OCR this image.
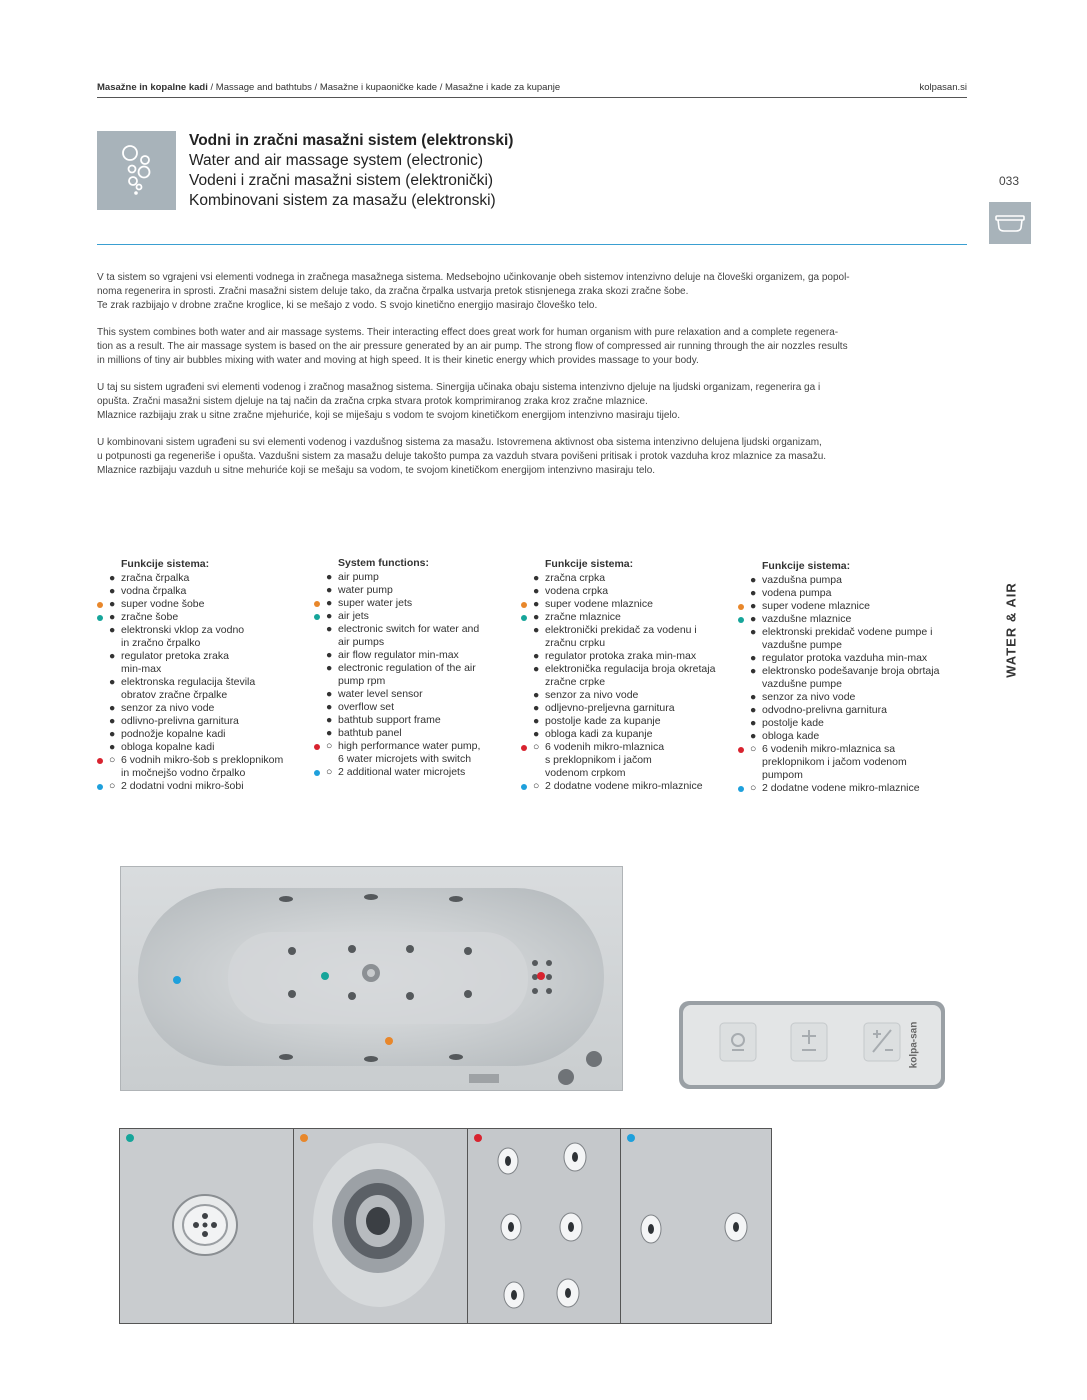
Masažne in kopalne kadi / Massage and bathtubs / Masažne i kupaoničke kade / Masažne i kade za kupanje	kolpasan.si
Vodni in zračni masažni sistem (elektronski)
Water and air massage system (electronic)
Vodeni i zračni masažni sistem (elektronički)
Kombinovani sistem za masažu (elektronski)
033
WATER & AIR

V ta sistem so vgrajeni vsi elementi vodnega in zračnega masažnega sistema. Medsebojno učinkovanje obeh sistemov intenzivno deluje na človeški organizem, ga popol-

noma regenerira in sprosti. Zračni masažni sistem deluje tako, da zračna črpalka ustvarja pretok stisnjenega zraka skozi zračne šobe.

Te zrak razbijajo v drobne zračne kroglice, ki se mešajo z vodo. S svojo kinetično energijo masirajo človeško telo.

This system combines both water and air massage systems. Their interacting effect does great work for human organism with pure relaxation and a complete regenera-

tion as a result. The air massage system is based on the air pressure generated by an air pump. The strong flow of compressed air running through the air nozzles results

in millions of tiny air bubbles mixing with water and moving at high speed. It is their kinetic energy which provides massage to your body.

U taj su sistem ugrađeni svi elementi vodenog i zračnog masažnog sistema. Sinergija učinaka obaju sistema intenzivno djeluje na ljudski organizam, regenerira ga i

opušta. Zračni masažni sistem djeluje na taj način da zračna crpka stvara protok komprimiranog zraka kroz zračne mlaznice.

Mlaznice razbijaju zrak u sitne zračne mjehuriće, koji se miješaju s vodom te svojom kinetičkom energijom intenzivno masiraju tijelo.

U kombinovani sistem ugrađeni su svi elementi vodenog i vazdušnog sistema za masažu. Istovremena aktivnost oba sistema intenzivno delujena ljudski organizam,

u potpunosti ga regeneriše i opušta. Vazdušni sistem za masažu deluje takošto pumpa za vazduh stvara povišeni pritisak i protok vazduha kroz mlaznice za masažu.

Mlaznice razbijaju vazduh u sitne mehuriće koji se mešaju sa vodom, te svojom kinetičkom energijom intenzivno masiraju telo.

Funkcije sistema:
● zračna črpalka
● vodna črpalka
● super vodne šobe
● zračne šobe
● elektronski vklop za vodno
in zračno črpalko
● regulator pretoka zraka
min-max
● elektronska regulacija števila
obratov zračne črpalke
● senzor za nivo vode
● odlivno-prelivna garnitura
● podnožje kopalne kadi
● obloga kopalne kadi
○ 6 vodnih mikro-šob s preklopnikom
in močnejšo vodno črpalko
○ 2 dodatni vodni mikro-šobi
System functions:
● air pump
● water pump
● super water jets
● air jets
● electronic switch for water and
air pumps
● air flow regulator min-max
● electronic regulation of the air
pump rpm
● water level sensor
● overflow set
● bathtub support frame
● bathtub panel
○ high performance water pump,
6 water microjets with switch
○ 2 additional water microjets
Funkcije sistema:
● zračna crpka
● vodena crpka
● super vodene mlaznice
● zračne mlaznice
● elektronički prekidač za vodenu i
zračnu crpku
● regulator protoka zraka min-max
● elektronička regulacija broja okretaja
zračne crpke
● senzor za nivo vode
● odljevno-preljevna garnitura
● postolje kade za kupanje
● obloga kadi za kupanje
○ 6 vodenih mikro-mlaznica
s preklopnikom i jačom
vodenom crpkom
○ 2 dodatne vodene mikro-mlaznice
Funkcije sistema:
● vazdušna pumpa
● vodena pumpa
● super vodene mlaznice
● vazdušne mlaznice
● elektronski prekidač vodene pumpe i
vazdušne pumpe
● regulator protoka vazduha min-max
● elektronsko podešavanje broja obrtaja
vazdušne pumpe
● senzor za nivo vode
● odvodno-prelivna garnitura
● postolje kade
● obloga kade
○ 6 vodenih mikro-mlaznica sa
preklopnikom i jačom vodenom
pumpom
○ 2 dodatne vodene mikro-mlaznice
kolpa-san
